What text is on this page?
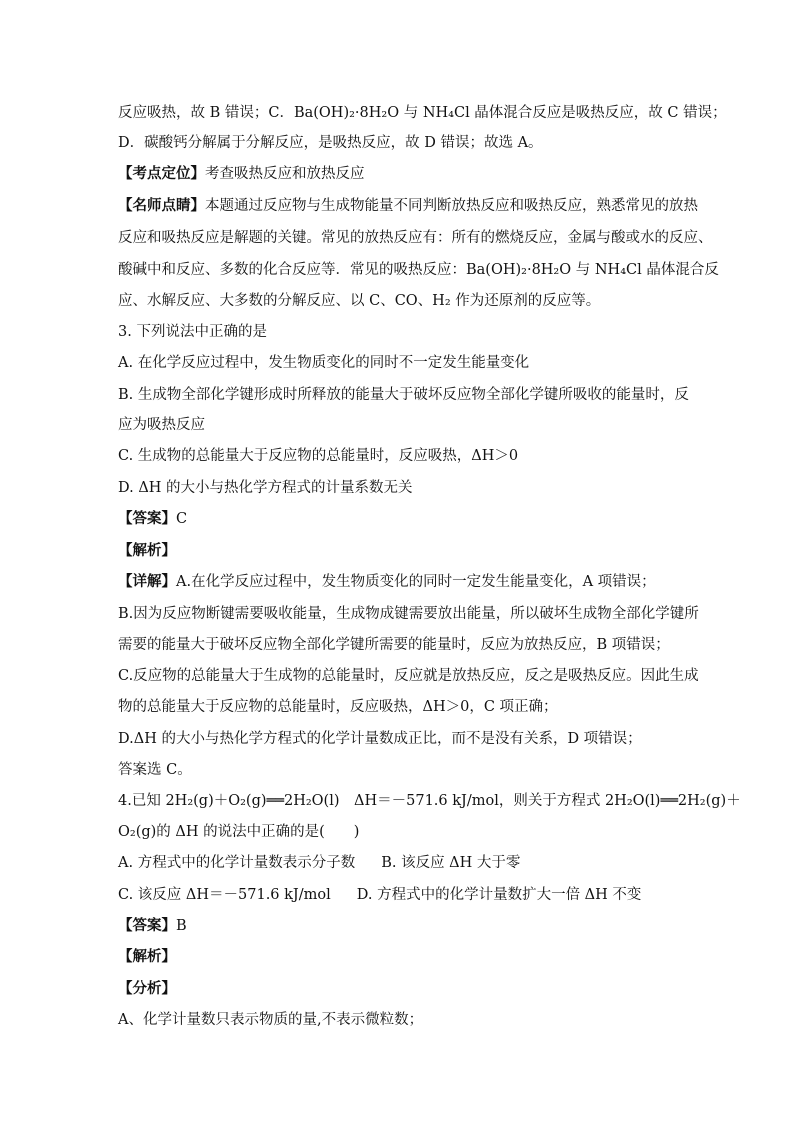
反应吸热，故 B 错误；C．Ba(OH)₂·8H₂O 与 NH₄Cl 晶体混合反应是吸热反应，故 C 错误；
D．碳酸钙分解属于分解反应，是吸热反应，故 D 错误；故选 A。
【考点定位】考查吸热反应和放热反应
【名师点睛】本题通过反应物与生成物能量不同判断放热反应和吸热反应，熟悉常见的放热
反应和吸热反应是解题的关键。常见的放热反应有：所有的燃烧反应，金属与酸或水的反应、
酸碱中和反应、多数的化合反应等．常见的吸热反应：Ba(OH)₂·8H₂O 与 NH₄Cl 晶体混合反
应、水解反应、大多数的分解反应、以 C、CO、H₂ 作为还原剂的反应等。
3. 下列说法中正确的是
A. 在化学反应过程中，发生物质变化的同时不一定发生能量变化
B. 生成物全部化学键形成时所释放的能量大于破坏反应物全部化学键所吸收的能量时，反
应为吸热反应
C. 生成物的总能量大于反应物的总能量时，反应吸热，ΔH＞0
D. ΔH 的大小与热化学方程式的计量系数无关
【答案】C
【解析】
【详解】A.在化学反应过程中，发生物质变化的同时一定发生能量变化，A 项错误；
B.因为反应物断键需要吸收能量，生成物成键需要放出能量，所以破坏生成物全部化学键所
需要的能量大于破坏反应物全部化学键所需要的能量时，反应为放热反应，B 项错误；
C.反应物的总能量大于生成物的总能量时，反应就是放热反应，反之是吸热反应。因此生成
物的总能量大于反应物的总能量时，反应吸热，ΔH＞0，C 项正确；
D.ΔH 的大小与热化学方程式的化学计量数成正比，而不是没有关系，D 项错误；
答案选 C。
4.已知 2H₂(g)＋O₂(g)══2H₂O(l)　ΔH＝－571.6 kJ/mol，则关于方程式 2H₂O(l)══2H₂(g)＋
O₂(g)的 ΔH 的说法中正确的是(　　)
A. 方程式中的化学计量数表示分子数 B. 该反应 ΔH 大于零
C. 该反应 ΔH＝－571.6 kJ/mol D. 方程式中的化学计量数扩大一倍 ΔH 不变
【答案】B
【解析】
【分析】
A、化学计量数只表示物质的量,不表示微粒数；
